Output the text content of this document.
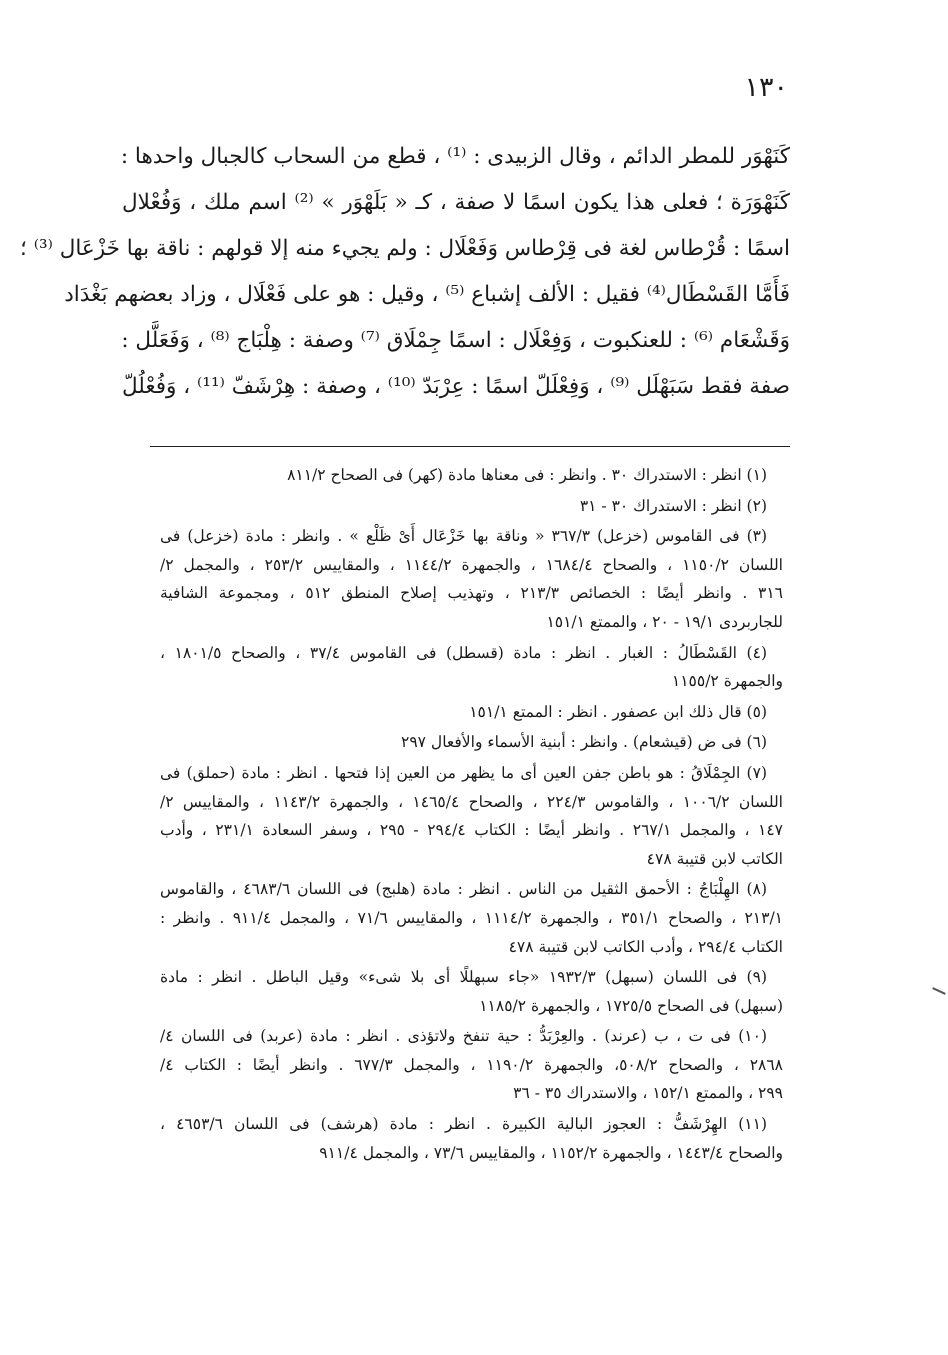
١٣٠

كَنَهْوَر للمطر الدائم ، وقال الزبيدى : ⁽¹⁾ ، قطع من السحاب كالجبال واحدها :

كَنَهْوَرَة ؛ فعلى هذا يكون اسمًا لا صفة ، كـ « بَلَهْوَر » ⁽²⁾ اسم ملك ، وَفُعْلال

اسمًا : قُرْطاس لغة فى قِرْطاس وَفَعْلَال : ولم يجيء منه إلا قولهم : ناقة بها خَزْعَال ⁽³⁾ ؛

فَأَمَّا القَسْطَال⁽⁴⁾ فقيل : الألف إشباع ⁽⁵⁾ ، وقيل : هو على فَعْلَال ، وزاد بعضهم بَغْدَاد

وَقَشْعَام ⁽⁶⁾ : للعنكبوت ، وَفِعْلَال : اسمًا جِمْلَاق ⁽⁷⁾ وصفة : هِلْبَاج ⁽⁸⁾ ، وَفَعَلَّل :

صفة فقط سَبَهْلَل ⁽⁹⁾ ، وَفِعْلَلّ اسمًا : عِرْبَدّ ⁽¹⁰⁾ ، وصفة : هِرْشَفّ ⁽¹¹⁾ ، وَفُعْلُلّ

(١) انظر : الاستدراك ٣٠ . وانظر : فى معناها مادة (كهر) فى الصحاح ٨١١/٢
(٢) انظر : الاستدراك ٣٠ - ٣١
(٣) فى القاموس (خزعل) ٣٦٧/٣ « وناقة بها خَزْعَال أَىْ ظَلْع » . وانظر : مادة (خزعل) فى
اللسان ١١٥٠/٢ ، والصحاح ١٦٨٤/٤ ، والجمهرة ١١٤٤/٢ ، والمقاييس ٢٥٣/٢ ، والمجمل ٢/
٣١٦ . وانظر أيضًا : الخصائص ٢١٣/٣ ، وتهذيب إصلاح المنطق ٥١٢ ، ومجموعة الشافية
للجاربردى ١٩/١ - ٢٠ ، والممتع ١٥١/١
(٤) القَسْطَالُ : الغبار . انظر : مادة (قسطل) فى القاموس ٣٧/٤ ، والصحاح ١٨٠١/٥ ،
والجمهرة ١١٥٥/٢
(٥) قال ذلك ابن عصفور . انظر : الممتع ١٥١/١
(٦) فى ض (قيشعام) . وانظر : أبنية الأسماء والأفعال ٢٩٧
(٧) الجِمْلَاقُ : هو باطن جفن العين أى ما يظهر من العين إذا فتحها . انظر : مادة (حملق) فى
اللسان ١٠٠٦/٢ ، والقاموس ٢٢٤/٣ ، والصحاح ١٤٦٥/٤ ، والجمهرة ١١٤٣/٢ ، والمقاييس ٢/
١٤٧ ، والمجمل ٢٦٧/١ . وانظر أيضًا : الكتاب ٢٩٤/٤ - ٢٩٥ ، وسفر السعادة ٢٣١/١ ، وأدب
الكاتب لابن قتيبة ٤٧٨
(٨) الهِلْبَاجُ : الأحمق الثقيل من الناس . انظر : مادة (هلبج) فى اللسان ٤٦٨٣/٦ ، والقاموس
٢١٣/١ ، والصحاح ٣٥١/١ ، والجمهرة ١١١٤/٢ ، والمقاييس ٧١/٦ ، والمجمل ٩١١/٤ . وانظر :
الكتاب ٢٩٤/٤ ، وأدب الكاتب لابن قتيبة ٤٧٨
(٩) فى اللسان (سبهل) ١٩٣٢/٣ «جاء سبهللًا أى بلا شىء» وقيل الباطل . انظر : مادة
(سبهل) فى الصحاح ١٧٢٥/٥ ، والجمهرة ١١٨٥/٢
(١٠) فى ت ، ب (عرند) . والعِرْبَدُّ : حية تنفخ ولاتؤذى . انظر : مادة (عربد) فى اللسان ٤/
٢٨٦٨ ، والصحاح ٥٠٨/٢، والجمهرة ١١٩٠/٢ ، والمجمل ٦٧٧/٣ . وانظر أيضًا : الكتاب ٤/
٢٩٩ ، والممتع ١٥٢/١ ، والاستدراك ٣٥ - ٣٦
(١١) الهِرْشَفُّ : العجوز البالية الكبيرة . انظر : مادة (هرشف) فى اللسان ٤٦٥٣/٦ ،
والصحاح ١٤٤٣/٤ ، والجمهرة ١١٥٢/٢ ، والمقاييس ٧٣/٦ ، والمجمل ٩١١/٤
